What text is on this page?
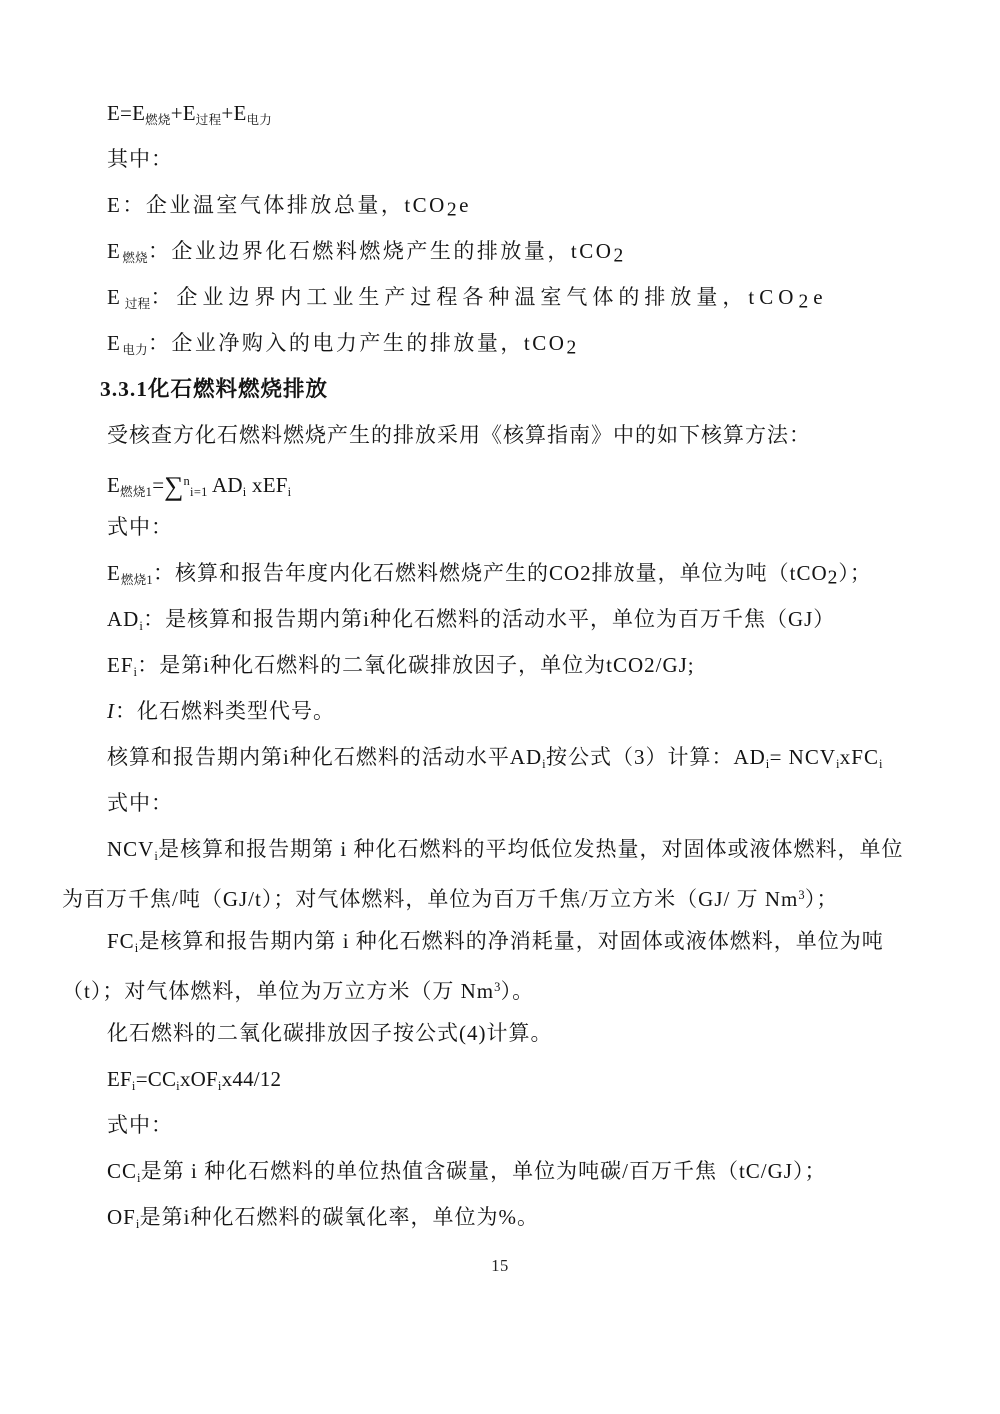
E=E燃烧+E过程+E电力
其中：
E：企业温室气体排放总量，tCO2e
E燃烧：企业边界化石燃料燃烧产生的排放量，tCO2
E过程：企业边界内工业生产过程各种温室气体的排放量，tCO2e
E电力：企业净购入的电力产生的排放量，tCO2
3.3.1化石燃料燃烧排放
受核查方化石燃料燃烧产生的排放采用《核算指南》中的如下核算方法：
E燃烧1=∑$^n$i=1 ADi xEFi
式中：
E燃烧1：核算和报告年度内化石燃料燃烧产生的CO2排放量，单位为吨（tCO2）；
ADi：是核算和报告期内第i种化石燃料的活动水平，单位为百万千焦（GJ）
EFi：是第i种化石燃料的二氧化碳排放因子，单位为tCO2/GJ;
I：化石燃料类型代号。
核算和报告期内第i种化石燃料的活动水平ADi按公式（3）计算：ADi= NCVixFCi
式中：
NCVi是核算和报告期第 i 种化石燃料的平均低位发热量，对固体或液体燃料，单位
为百万千焦/吨（GJ/t）；对气体燃料，单位为百万千焦/万立方米（GJ/ 万 Nm$^3$）；
FCi是核算和报告期内第 i 种化石燃料的净消耗量，对固体或液体燃料，单位为吨
（t）；对气体燃料，单位为万立方米（万 Nm$^3$）。
化石燃料的二氧化碳排放因子按公式(4)计算。
EFi=CCixOFix44/12
式中：
CCi是第 i 种化石燃料的单位热值含碳量，单位为吨碳/百万千焦（tC/GJ）；
OFi是第i种化石燃料的碳氧化率，单位为%。
15
